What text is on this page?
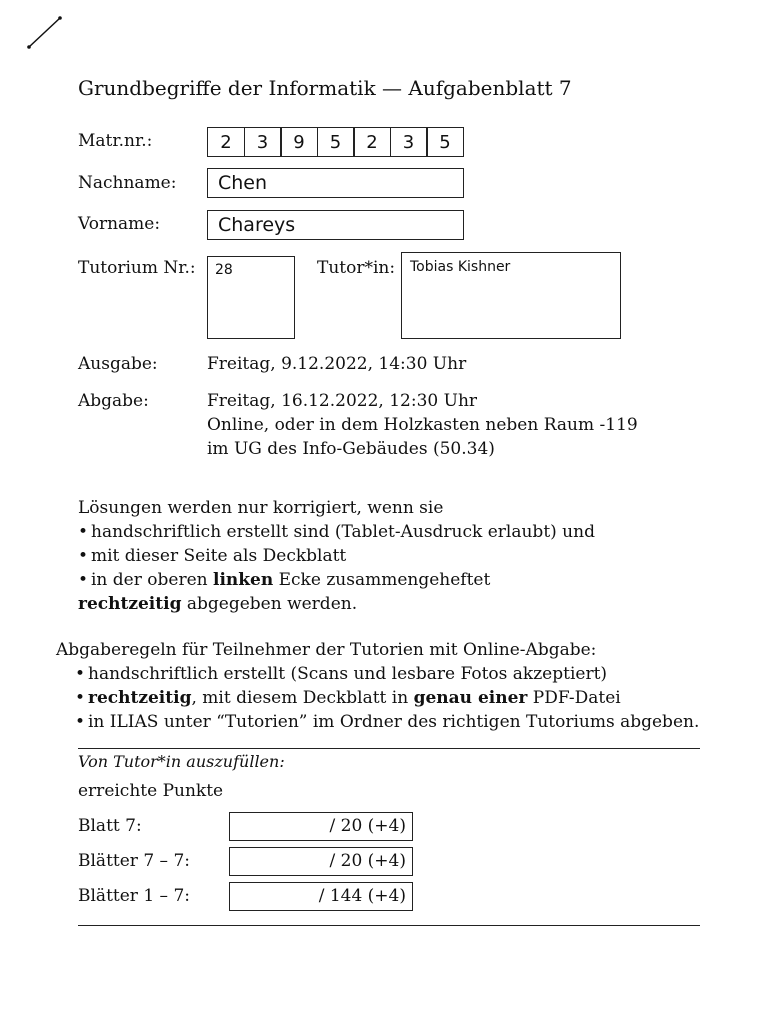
Grundbegriffe der Informatik — Aufgabenblatt 7
Matr.nr.:	2	3	9	5	2	3	5
Nachname: Chen
Vorname:	Chareys
Tutorium Nr.: 28	Tutor*in: Tobias Kishner
Ausgabe:	Freitag, 9.12.2022, 14:30 Uhr
Abgabe:	Freitag, 16.12.2022, 12:30 Uhr
Online, oder in dem Holzkasten neben Raum -119
im UG des Info-Gebäudes (50.34)
Lösungen werden nur korrigiert, wenn sie
• handschriftlich erstellt sind (Tablet-Ausdruck erlaubt) und
• mit dieser Seite als Deckblatt
• in der oberen linken Ecke zusammengeheftet
rechtzeitig abgegeben werden.
Abgaberegeln für Teilnehmer der Tutorien mit Online-Abgabe:
• handschriftlich erstellt (Scans und lesbare Fotos akzeptiert)
• rechtzeitig, mit diesem Deckblatt in genau einer PDF-Datei
• in ILIAS unter “Tutorien” im Ordner des richtigen Tutoriums abgeben.
Von Tutor*in auszufüllen:
erreichte Punkte
Blatt 7:	/ 20 (+4)
Blätter 7 – 7:	/ 20 (+4)
Blätter 1 – 7:	/ 144 (+4)
